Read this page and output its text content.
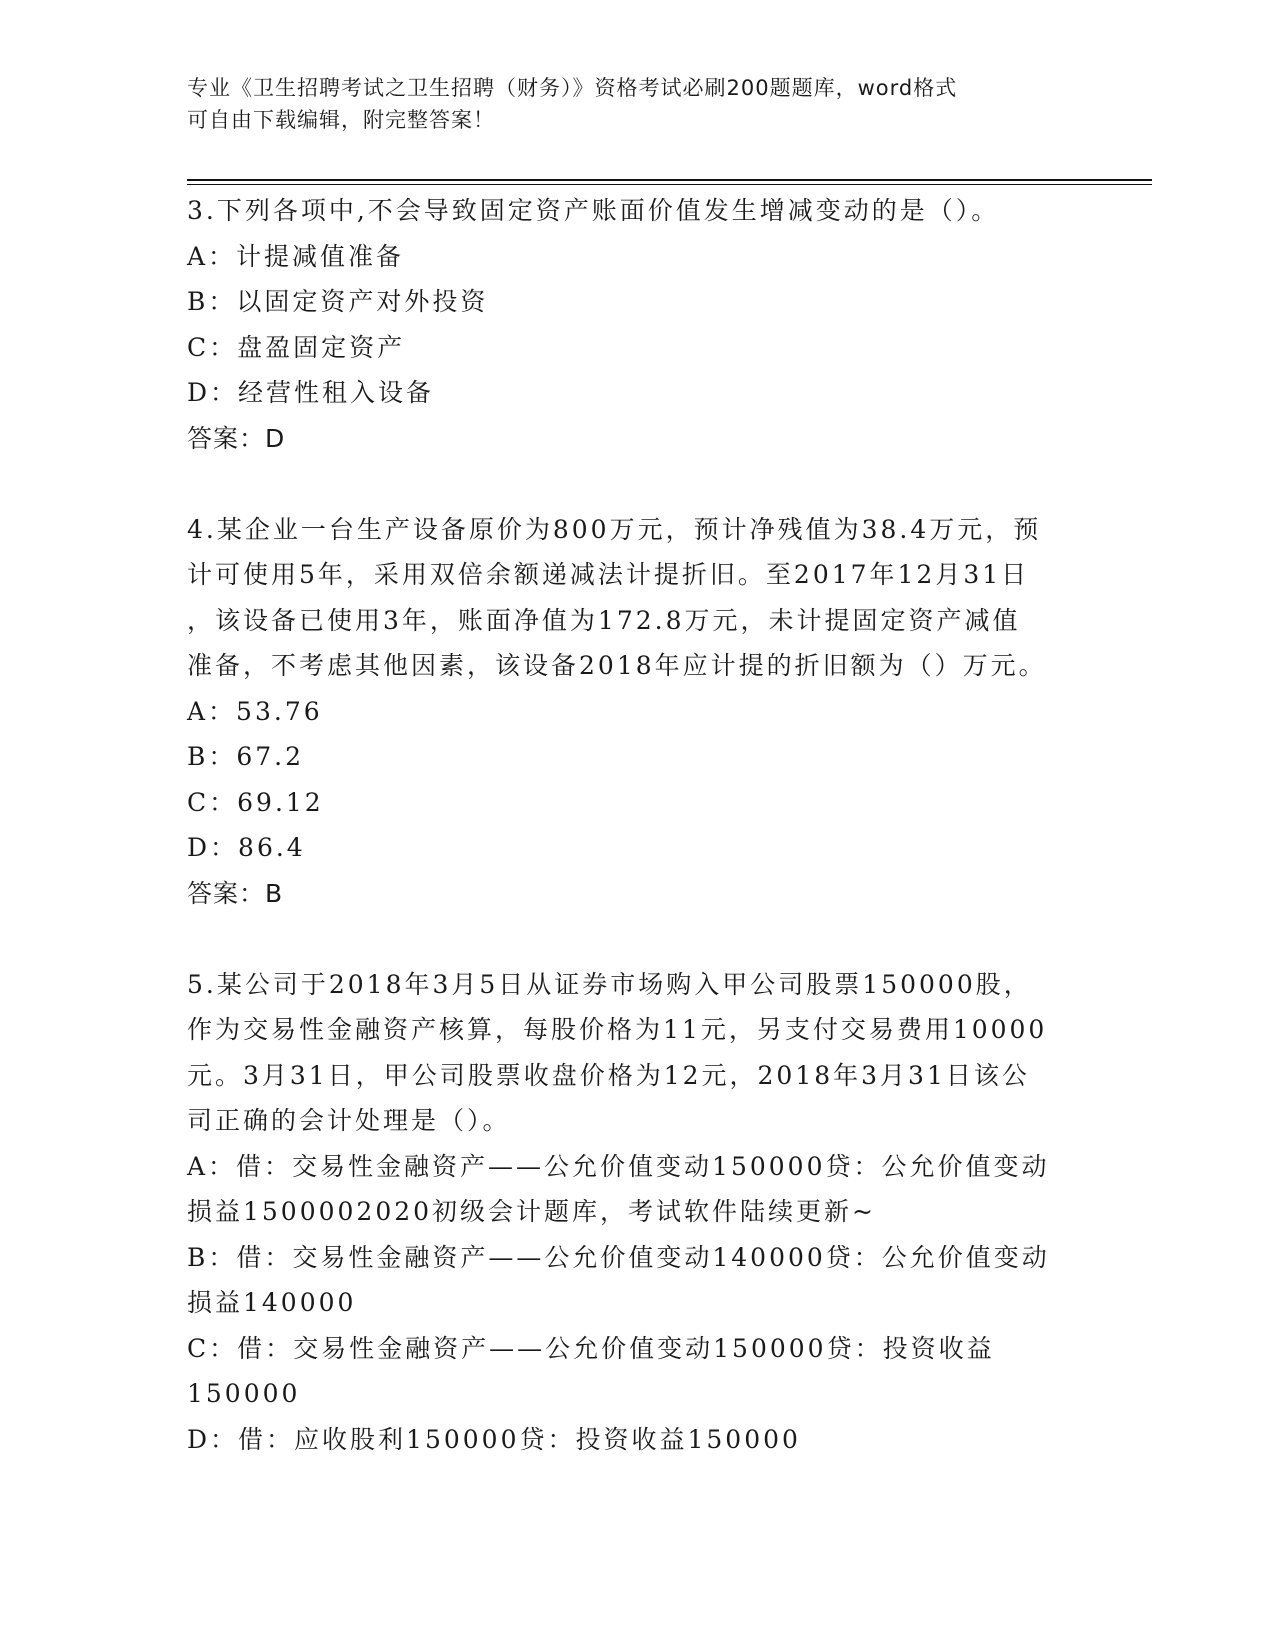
专业《卫生招聘考试之卫生招聘（财务）》资格考试必刷200题题库，word格式
可自由下载编辑，附完整答案！
3.下列各项中,不会导致固定资产账面价值发生增减变动的是（）。
A：计提减值准备
B：以固定资产对外投资
C：盘盈固定资产
D：经营性租入设备
答案：D
4.某企业一台生产设备原价为800万元，预计净残值为38.4万元，预
计可使用5年，采用双倍余额递减法计提折旧。至2017年12月31日
，该设备已使用3年，账面净值为172.8万元，未计提固定资产减值
准备，不考虑其他因素，该设备2018年应计提的折旧额为（）万元。
A：53.76
B：67.2
C：69.12
D：86.4
答案：B
5.某公司于2018年3月5日从证券市场购入甲公司股票150000股，
作为交易性金融资产核算，每股价格为11元，另支付交易费用10000
元。3月31日，甲公司股票收盘价格为12元，2018年3月31日该公
司正确的会计处理是（）。
A：借：交易性金融资产——公允价值变动150000贷：公允价值变动
损益1500002020初级会计题库，考试软件陆续更新~
B：借：交易性金融资产——公允价值变动140000贷：公允价值变动
损益140000
C：借：交易性金融资产——公允价值变动150000贷：投资收益
150000
D：借：应收股利150000贷：投资收益150000
